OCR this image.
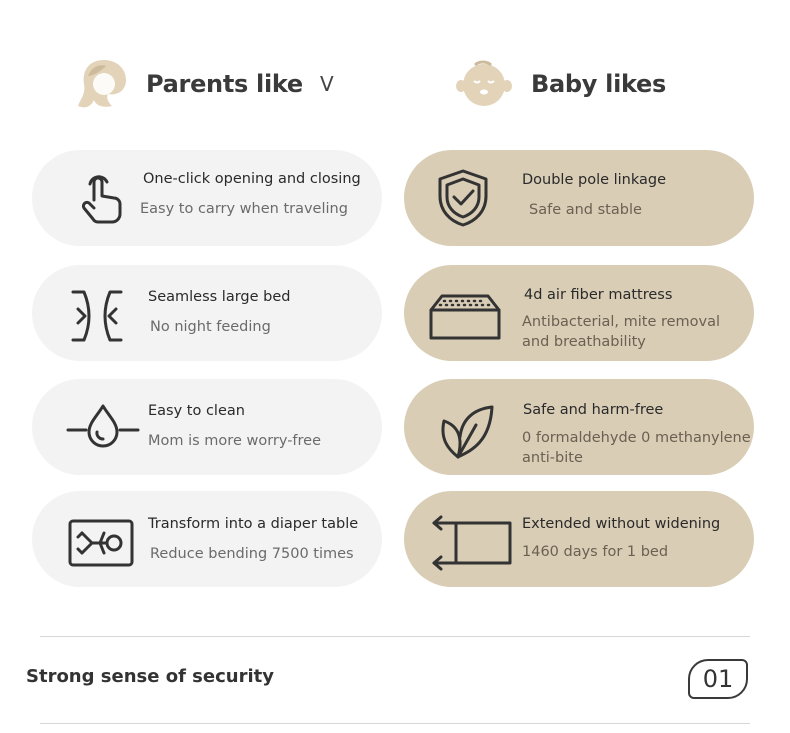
Parents like V	Baby likes
One-click opening and closing
Easy to carry when traveling
Seamless large bed
No night feeding
Easy to clean
Mom is more worry-free
Transform into a diaper table
Reduce bending 7500 times
Double pole linkage
Safe and stable
4d air fiber mattress
Antibacterial, mite removal
and breathability
Safe and harm-free
0 formaldehyde 0 methanylene
anti-bite
Extended without widening
1460 days for 1 bed
Strong sense of security	01
